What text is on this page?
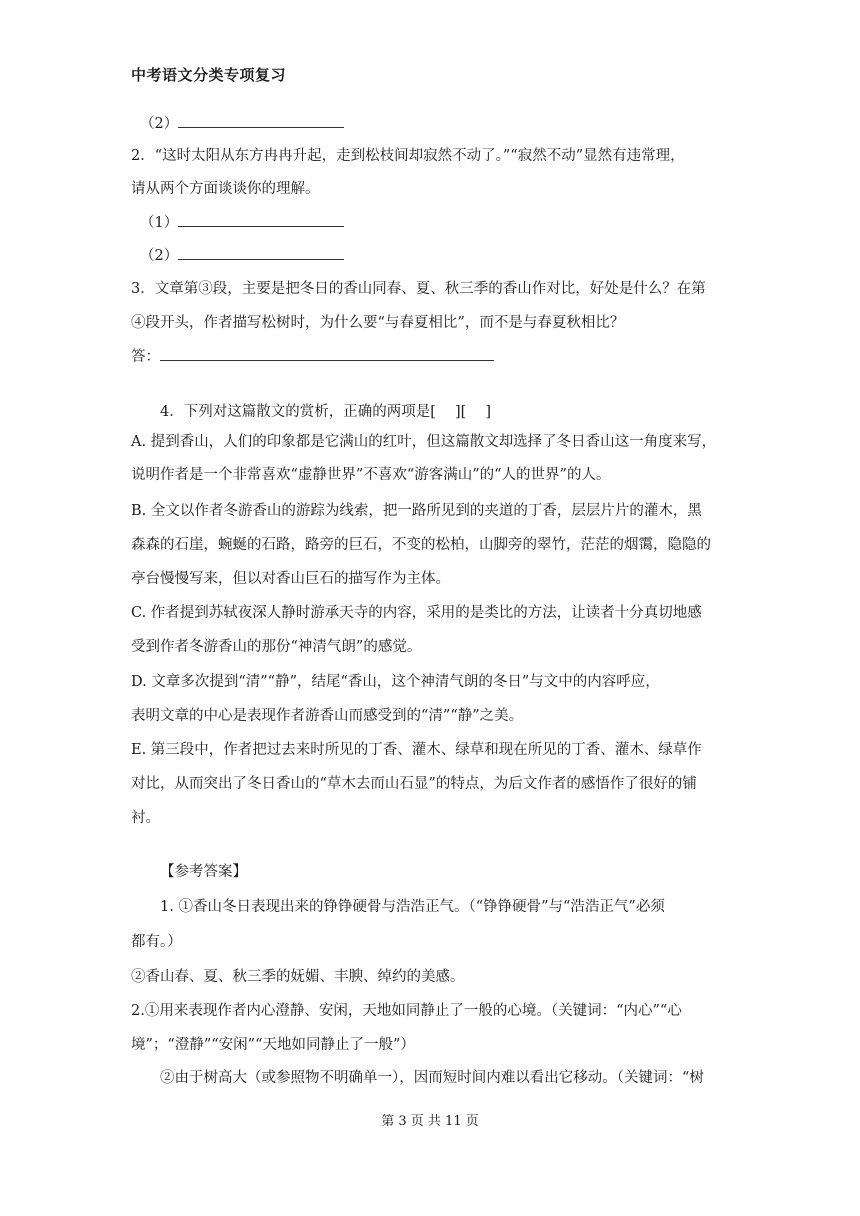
中考语文分类专项复习
（2）
2．“这时太阳从东方冉冉升起，走到松枝间却寂然不动了。”“寂然不动”显然有违常理，
请从两个方面谈谈你的理解。
（1）
（2）
3．文章第③段，主要是把冬日的香山同春、夏、秋三季的香山作对比，好处是什么？在第
④段开头，作者描写松树时，为什么要“与春夏相比”，而不是与春夏秋相比？
答：
4．下列对这篇散文的赏析，正确的两项是[　 ][　 ]
A. 提到香山，人们的印象都是它满山的红叶，但这篇散文却选择了冬日香山这一角度来写，
说明作者是一个非常喜欢“虚静世界”不喜欢“游客满山”的“人的世界”的人。
B. 全文以作者冬游香山的游踪为线索，把一路所见到的夹道的丁香，层层片片的灌木，黑
森森的石崖，蜿蜒的石路，路旁的巨石，不变的松柏，山脚旁的翠竹，茫茫的烟霭，隐隐的
亭台慢慢写来，但以对香山巨石的描写作为主体。
C. 作者提到苏轼夜深人静时游承天寺的内容，采用的是类比的方法，让读者十分真切地感
受到作者冬游香山的那份“神清气朗”的感觉。
D. 文章多次提到“清”“静”，结尾“香山，这个神清气朗的冬日”与文中的内容呼应，
表明文章的中心是表现作者游香山而感受到的“清”“静”之美。
E. 第三段中，作者把过去来时所见的丁香、灌木、绿草和现在所见的丁香、灌木、绿草作
对比，从而突出了冬日香山的“草木去而山石显”的特点，为后文作者的感悟作了很好的铺
衬。
【参考答案】
1. ①香山冬日表现出来的铮铮硬骨与浩浩正气。（“铮铮硬骨”与“浩浩正气”必须
都有。）
②香山春、夏、秋三季的妩媚、丰腴、绰约的美感。
2.①用来表现作者内心澄静、安闲，天地如同静止了一般的心境。（关键词：“内心”“心
境”；“澄静”“安闲”“天地如同静止了一般”）
②由于树高大（或参照物不明确单一），因而短时间内难以看出它移动。（关键词：“树
第 3 页 共 11 页
